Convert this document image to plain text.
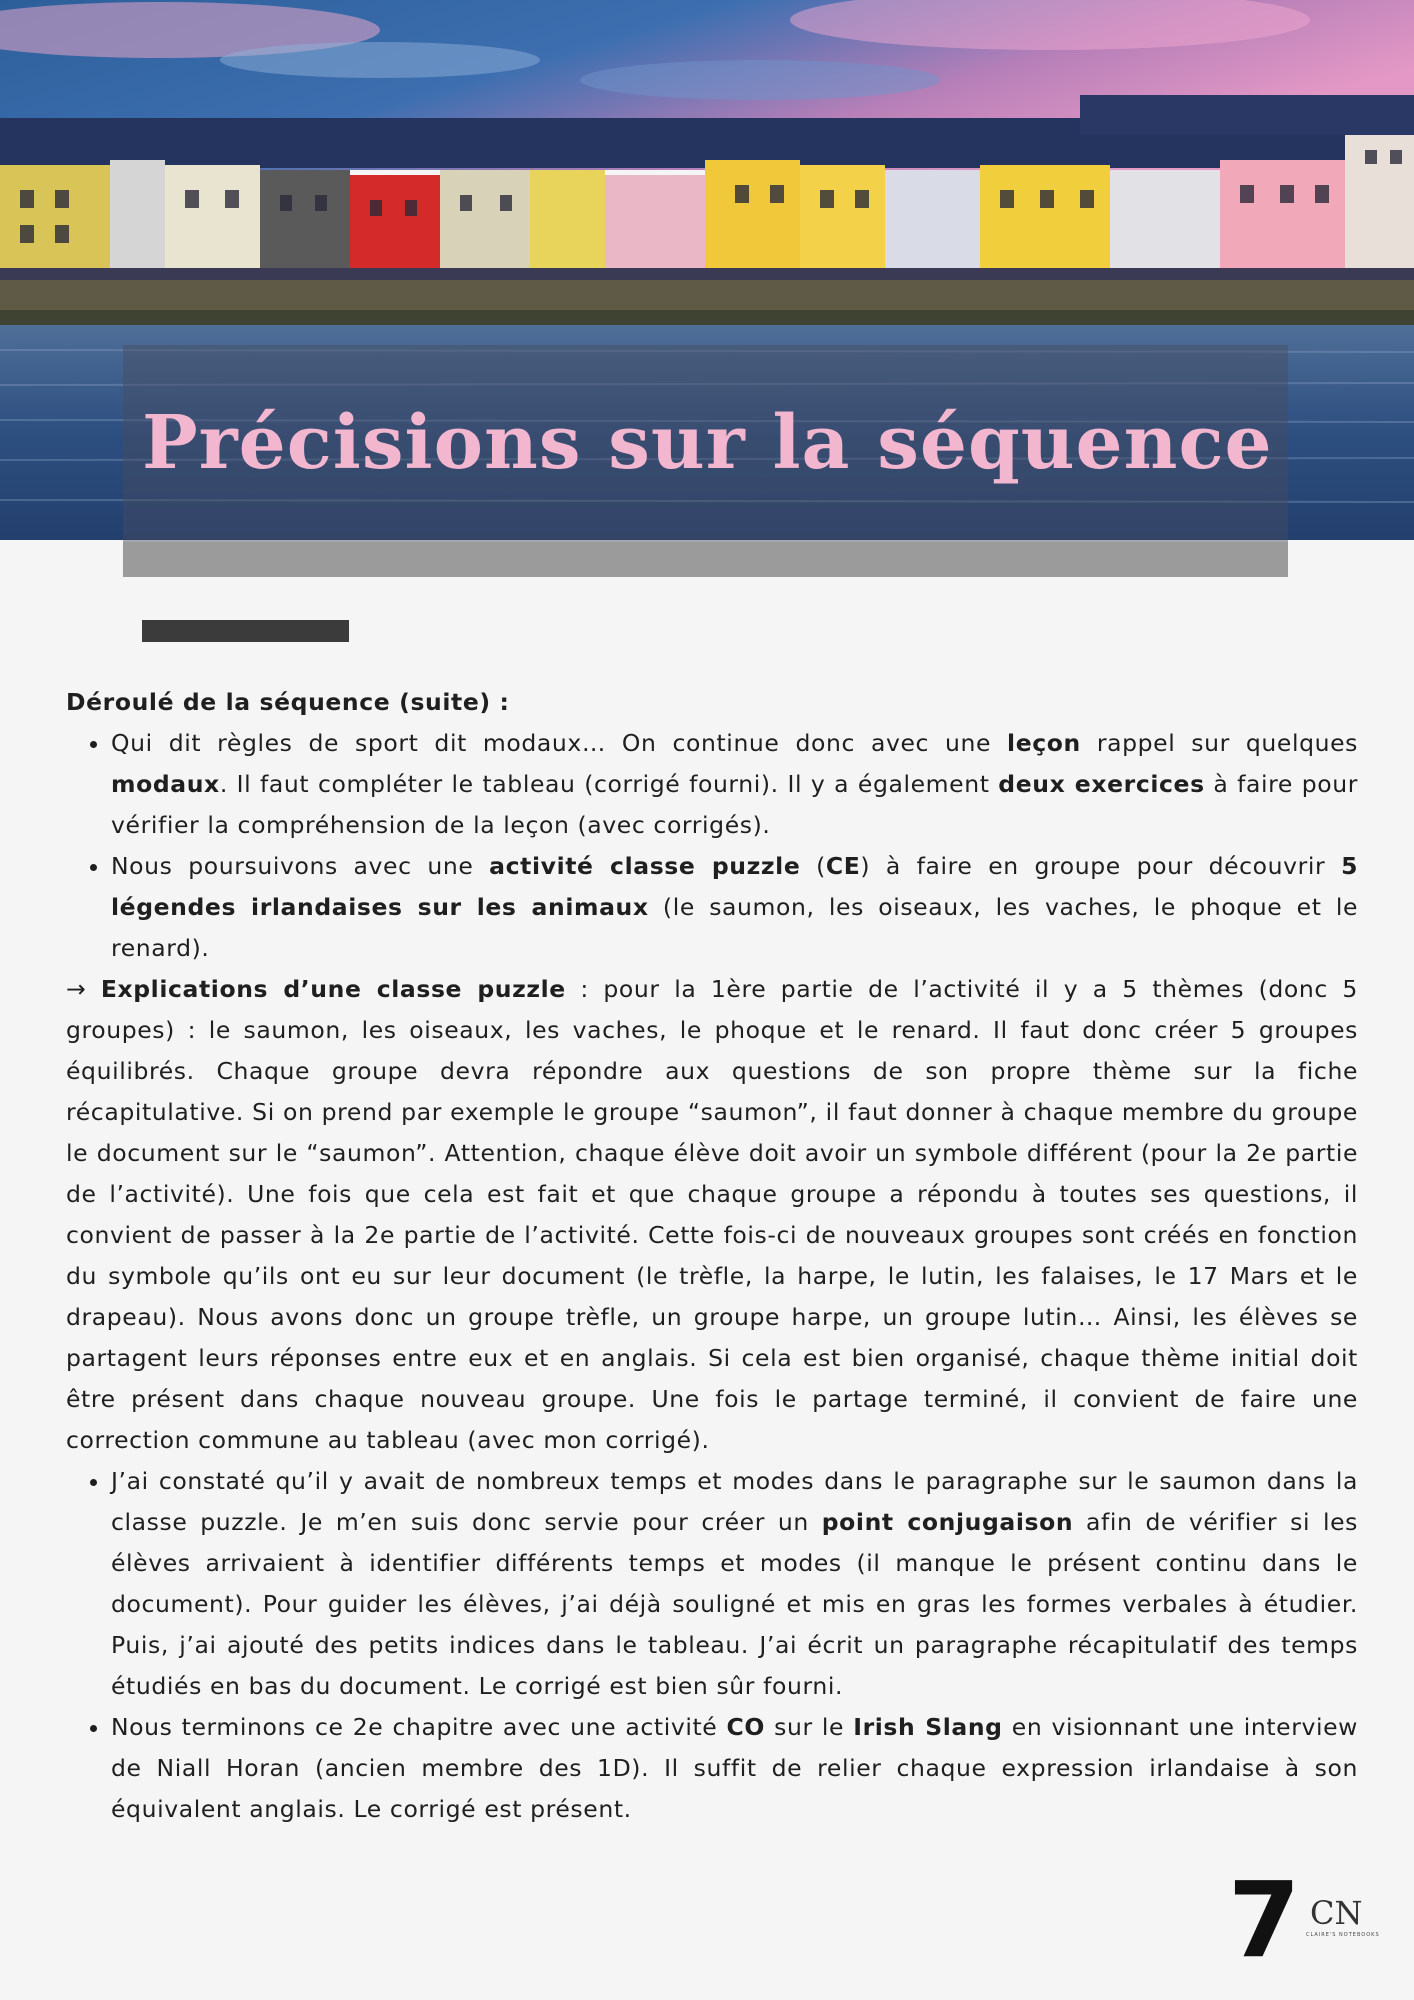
Précisions sur la séquence

Déroulé de la séquence (suite) :

• Qui dit règles de sport dit modaux… On continue donc avec une leçon rappel sur quelques modaux. Il faut compléter le tableau (corrigé fourni). Il y a également deux exercices à faire pour vérifier la compréhension de la leçon (avec corrigés).
• Nous poursuivons avec une activité classe puzzle (CE) à faire en groupe pour découvrir 5 légendes irlandaises sur les animaux (le saumon, les oiseaux, les vaches, le phoque et le renard).

→ Explications d’une classe puzzle : pour la 1ère partie de l’activité il y a 5 thèmes (donc 5 groupes) : le saumon, les oiseaux, les vaches, le phoque et le renard. Il faut donc créer 5 groupes équilibrés. Chaque groupe devra répondre aux questions de son propre thème sur la fiche récapitulative. Si on prend par exemple le groupe “saumon”, il faut donner à chaque membre du groupe le document sur le “saumon”. Attention, chaque élève doit avoir un symbole différent (pour la 2e partie de l’activité). Une fois que cela est fait et que chaque groupe a répondu à toutes ses questions, il convient de passer à la 2e partie de l’activité. Cette fois-ci de nouveaux groupes sont créés en fonction du symbole qu’ils ont eu sur leur document (le trèfle, la harpe, le lutin, les falaises, le 17 Mars et le drapeau). Nous avons donc un groupe trèfle, un groupe harpe, un groupe lutin… Ainsi, les élèves se partagent leurs réponses entre eux et en anglais. Si cela est bien organisé, chaque thème initial doit être présent dans chaque nouveau groupe. Une fois le partage terminé, il convient de faire une correction commune au tableau (avec mon corrigé).

• J’ai constaté qu’il y avait de nombreux temps et modes dans le paragraphe sur le saumon dans la classe puzzle. Je m’en suis donc servie pour créer un point conjugaison afin de vérifier si les élèves arrivaient à identifier différents temps et modes (il manque le présent continu dans le document). Pour guider les élèves, j’ai déjà souligné et mis en gras les formes verbales à étudier. Puis, j’ai ajouté des petits indices dans le tableau. J’ai écrit un paragraphe récapitulatif des temps étudiés en bas du document. Le corrigé est bien sûr fourni.
• Nous terminons ce 2e chapitre avec une activité CO sur le Irish Slang en visionnant une interview de Niall Horan (ancien membre des 1D). Il suffit de relier chaque expression irlandaise à son équivalent anglais. Le corrigé est présent.
7 CN
CLAIRE'S NOTEBOOKS
